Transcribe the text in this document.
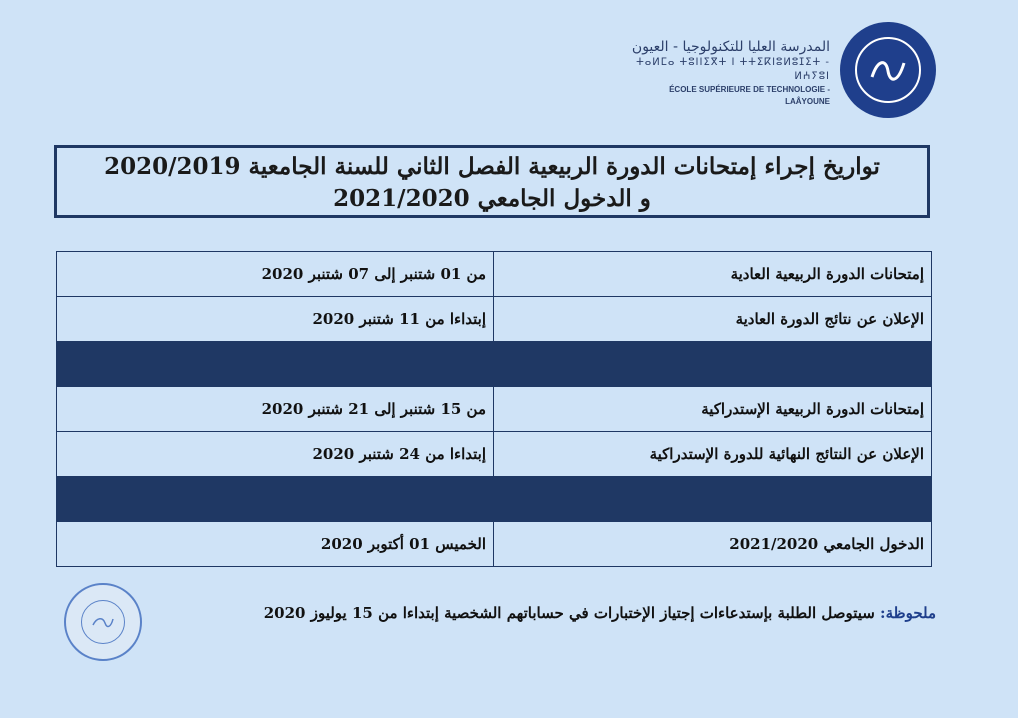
المدرسة العليا للتكنولوجيا - العيون
ⵜⴰⵍⵎⴰ ⵜⵓⵏⵏⵉⴳⵜ ⵏ ⵜⵜⵉⴽⵏⵓⵍⵓⵊⵉⵜ - ⵍⵄⵢⵓⵏ
ÉCOLE SUPÉRIEURE DE TECHNOLOGIE - LAÂYOUNE
تواريخ إجراء إمتحانات الدورة الربيعية الفصل الثاني للسنة الجامعية 2020/2019
و الدخول الجامعي 2021/2020
إمتحانات الدورة الربيعية العادية	من 01 شتنبر إلى 07 شتنبر 2020
الإعلان عن نتائج الدورة العادية	إبتداءا من 11 شتنبر 2020

إمتحانات الدورة الربيعية الإستدراكية	من 15 شتنبر إلى 21 شتنبر 2020
الإعلان عن النتائج النهائية للدورة الإستدراكية	إبتداءا من 24 شتنبر 2020

الدخول الجامعي 2021/2020	الخميس 01 أكتوبر 2020
ملحوظة: سيتوصل الطلبة بإستدعاءات إجتياز الإختبارات في حساباتهم الشخصية إبتداءا من 15 يوليوز 2020
